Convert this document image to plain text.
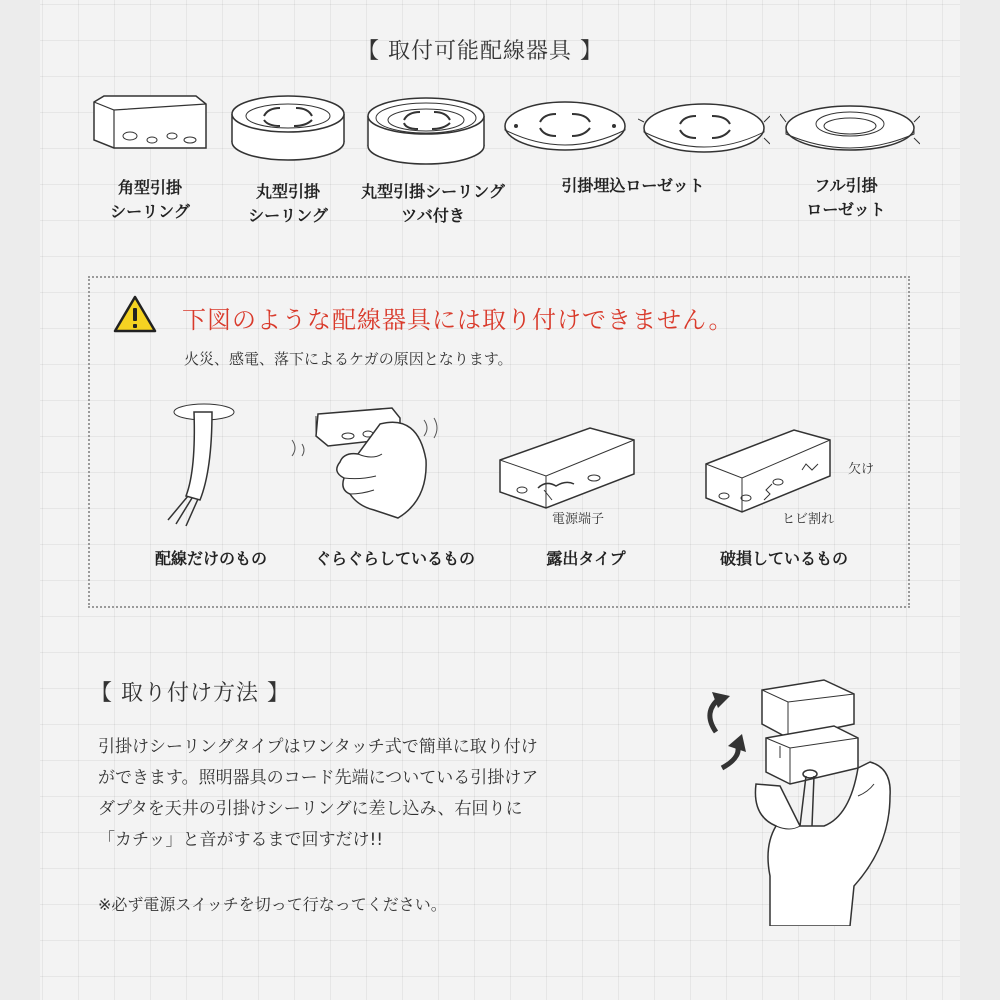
【 取付可能配線器具 】
角型引掛
シーリング
丸型引掛
シーリング
丸型引掛シーリング
ツバ付き
引掛埋込ローゼット	フル引掛
ローゼット
下図のような配線器具には取り付けできません。
火災、感電、落下によるケガの原因となります。
電源端子
欠け
ヒビ割れ
配線だけのもの	ぐらぐらしているもの	露出タイプ	破損しているもの
【 取り付け方法 】
引掛けシーリングタイプはワンタッチ式で簡単に取り付け
ができます。照明器具のコード先端についている引掛けア
ダプタを天井の引掛けシーリングに差し込み、右回りに
「カチッ」と音がするまで回すだけ!!
※必ず電源スイッチを切って行なってください。
